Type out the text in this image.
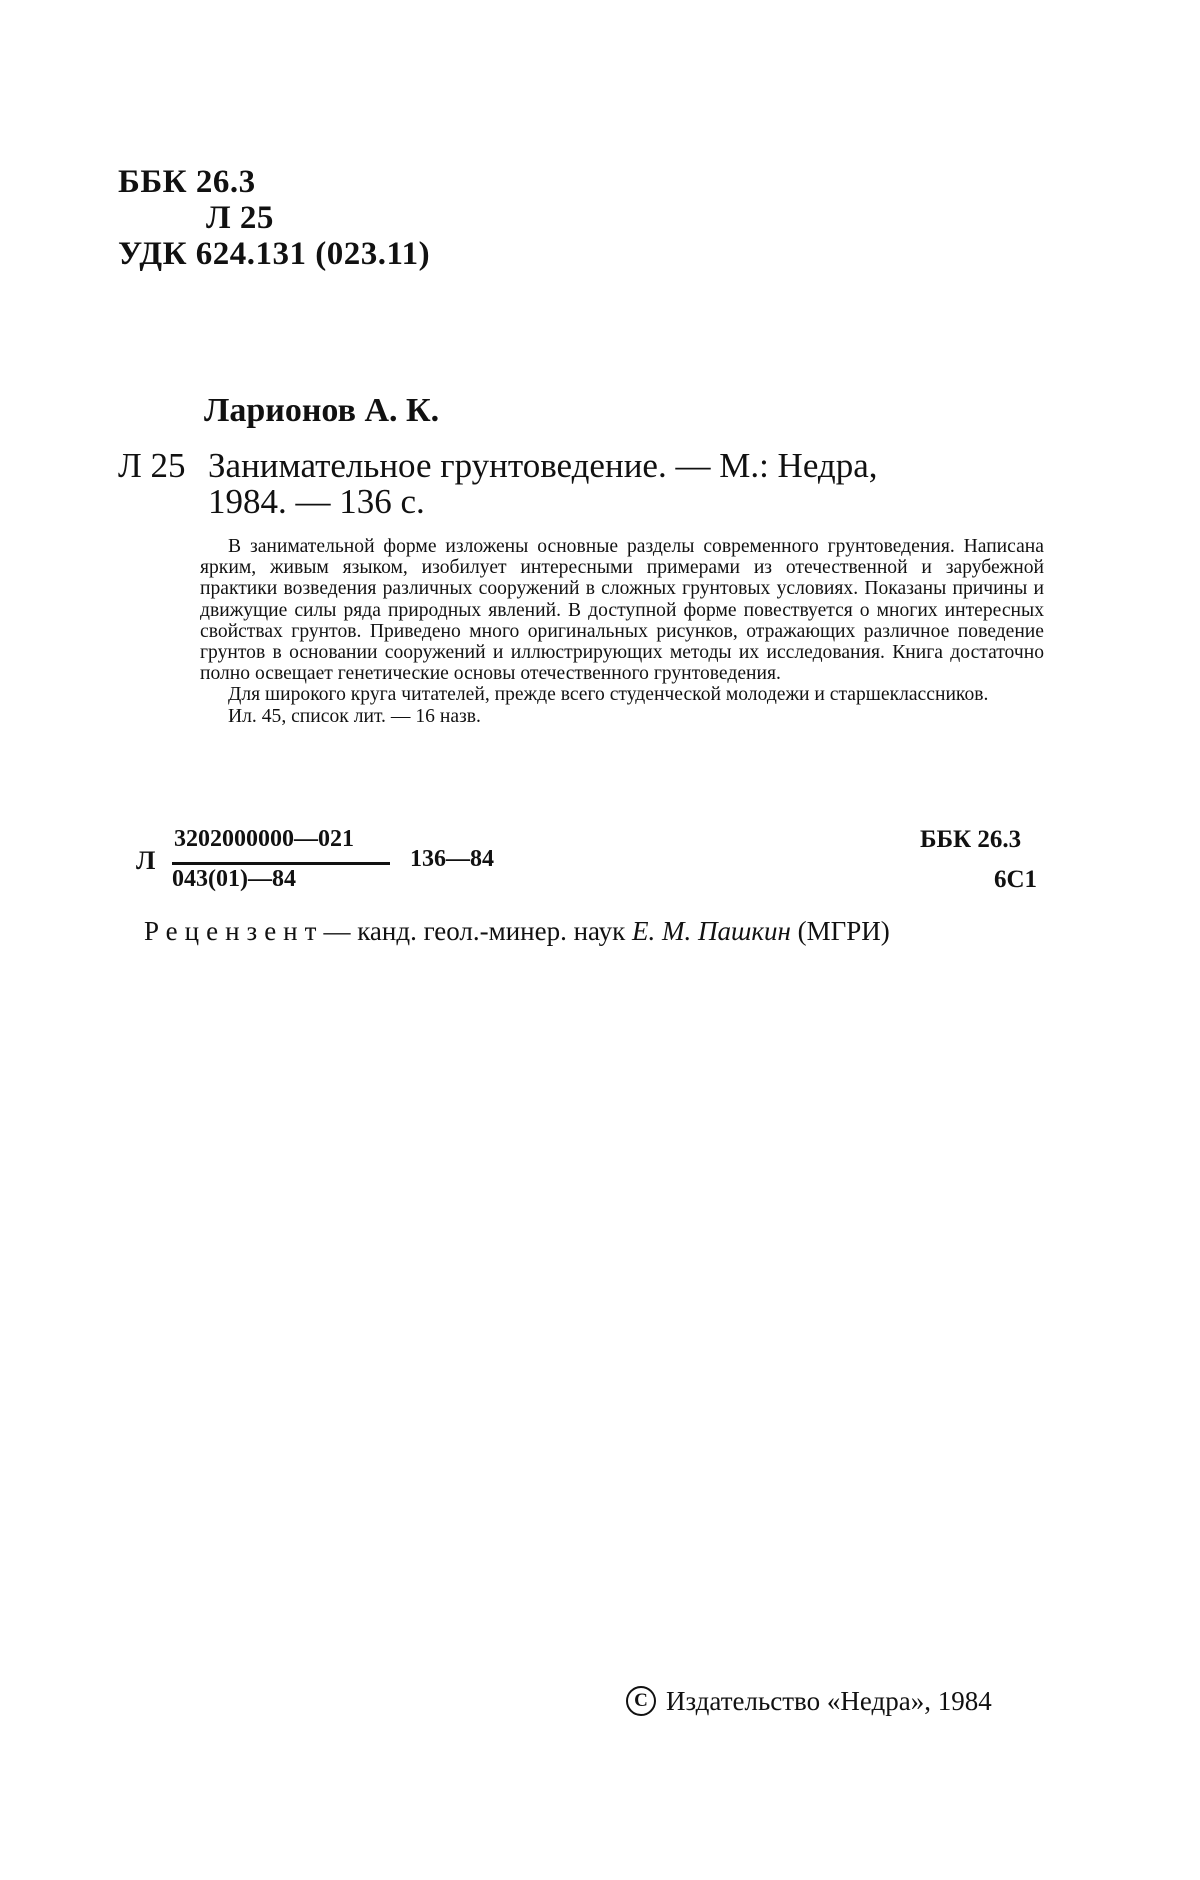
ББК 26.3
Л 25
УДК 624.131 (023.11)
Ларионов А. К.
Л 25 Занимательное грунтоведение. — М.: Недра,
1984. — 136 с.

В занимательной форме изложены основные разделы современного грунтоведения. Написана ярким, живым языком, изобилует интересными примерами из отечественной и зарубежной практики возведения различных сооружений в сложных грунтовых условиях. Показаны причины и движущие силы ряда природных явлений. В доступной форме повествуется о многих интересных свойствах грунтов. Приведено много оригинальных рисунков, отражающих различное поведение грунтов в основании сооружений и иллюстрирующих методы их исследования. Книга достаточно полно освещает генетические основы отечественного грунтоведения.

Для широкого круга читателей, прежде всего студенческой молодежи и старшеклассников.

Ил. 45, список лит. — 16 назв.

Л
3202000000—021
043(01)—84
136—84
ББК 26.3
6С1
Рецензент— канд. геол.-минер. наук Е. М. Пашкин (МГРИ)
C Издательство «Недра», 1984
